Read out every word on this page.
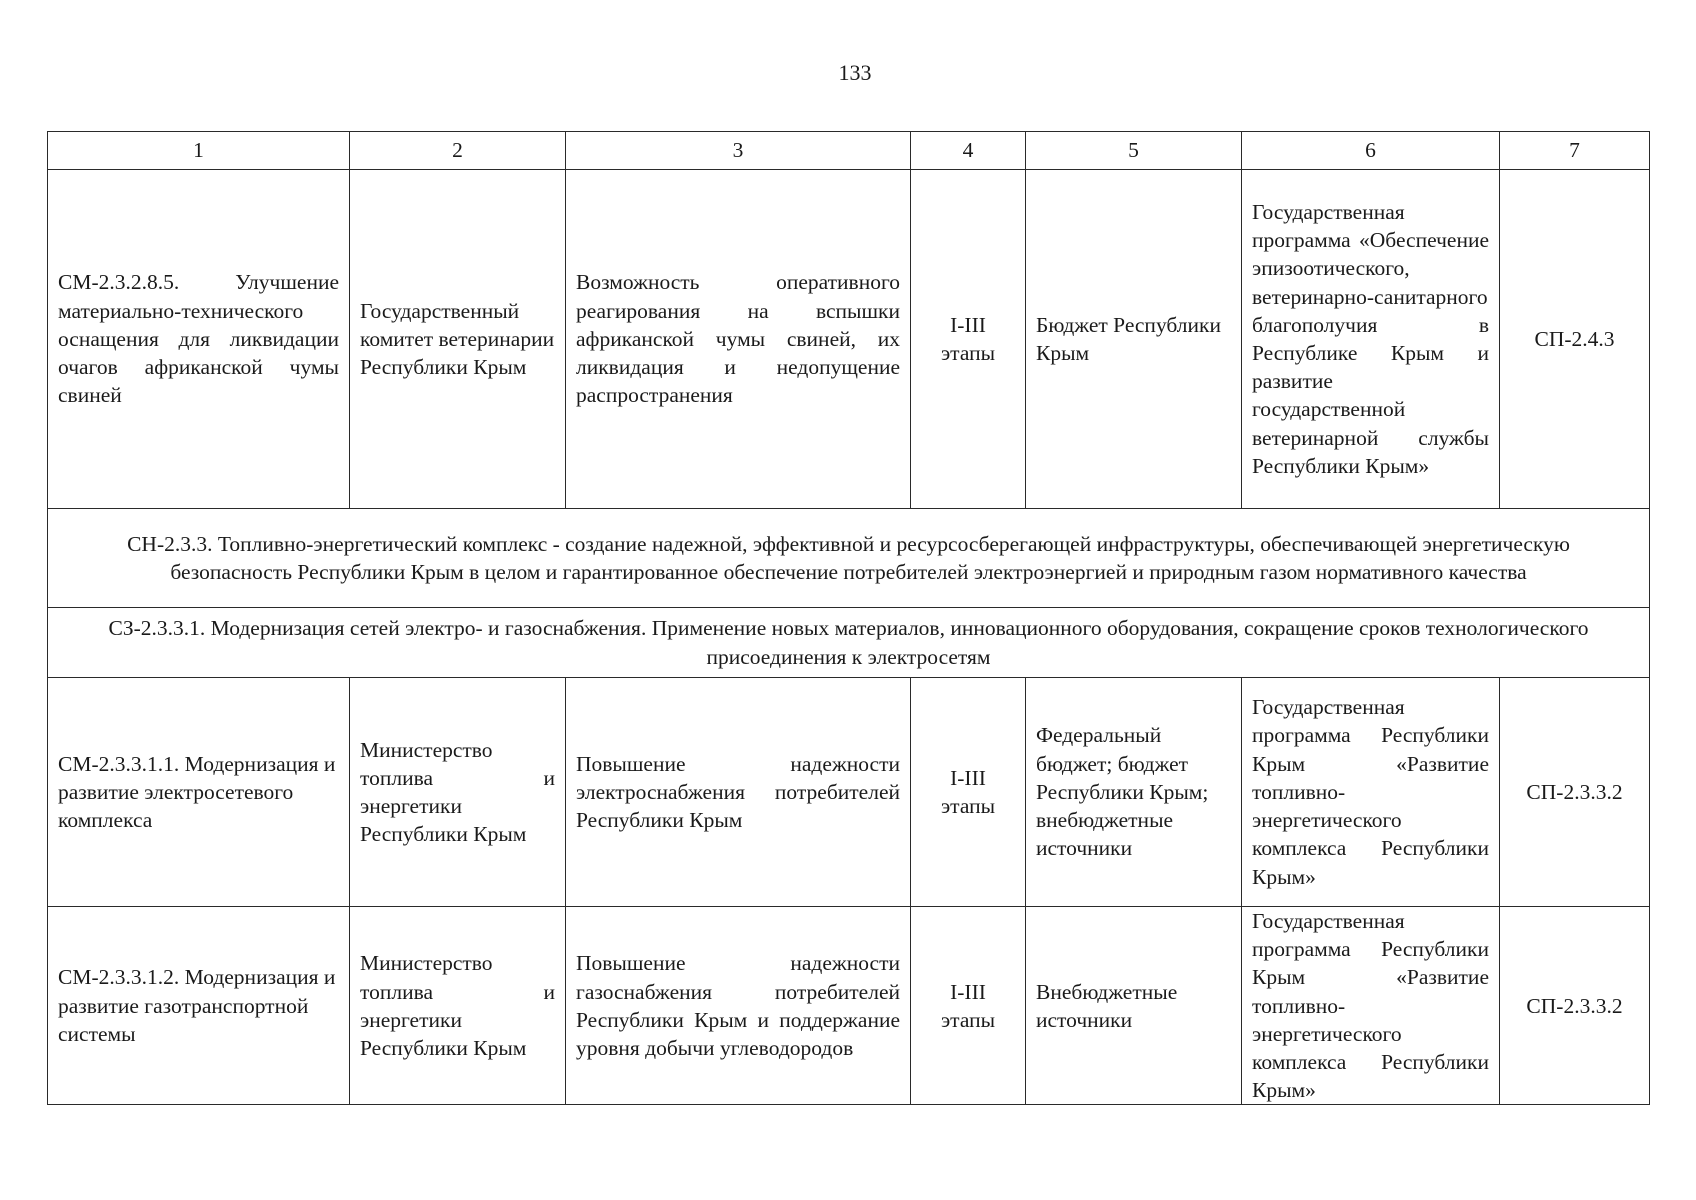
133
1	2	3	4	5	6	7
СМ-2.3.2.8.5. Улучшение материально-технического оснащения для ликвидации очагов африканской чумы свиней	Государственный комитет ветеринарии Республики Крым	Возможность оперативного реагирования на вспышки африканской чумы свиней, их ликвидация и недопущение распространения	I-III этапы	Бюджет Республики Крым	Государственная программа «Обеспечение эпизоотического, ветеринарно-санитарного благополучия в Республике Крым и развитие государственной ветеринарной службы Республики Крым»	СП-2.4.3
СН-2.3.3. Топливно-энергетический комплекс - создание надежной, эффективной и ресурсосберегающей инфраструктуры, обеспечивающей энергетическую безопасность Республики Крым в целом и гарантированное обеспечение потребителей электроэнергией и природным газом нормативного качества						
СЗ-2.3.3.1. Модернизация сетей электро- и газоснабжения. Применение новых материалов, инновационного оборудования, сокращение сроков технологического присоединения к электросетям						
СМ-2.3.3.1.1. Модернизация и развитие электросетевого комплекса	Министерство топлива и энергетики Республики Крым	Повышение надежности электроснабжения потребителей Республики Крым	I-III этапы	Федеральный бюджет; бюджет Республики Крым; внебюджетные источники	Государственная программа Республики Крым «Развитие топливно-энергетического комплекса Республики Крым»	СП-2.3.3.2
СМ-2.3.3.1.2. Модернизация и развитие газотранспортной системы	Министерство топлива и энергетики Республики Крым	Повышение надежности газоснабжения потребителей Республики Крым и поддержание уровня добычи углеводородов	I-III этапы	Внебюджетные источники	Государственная программа Республики Крым «Развитие топливно-энергетического комплекса Республики Крым»	СП-2.3.3.2
